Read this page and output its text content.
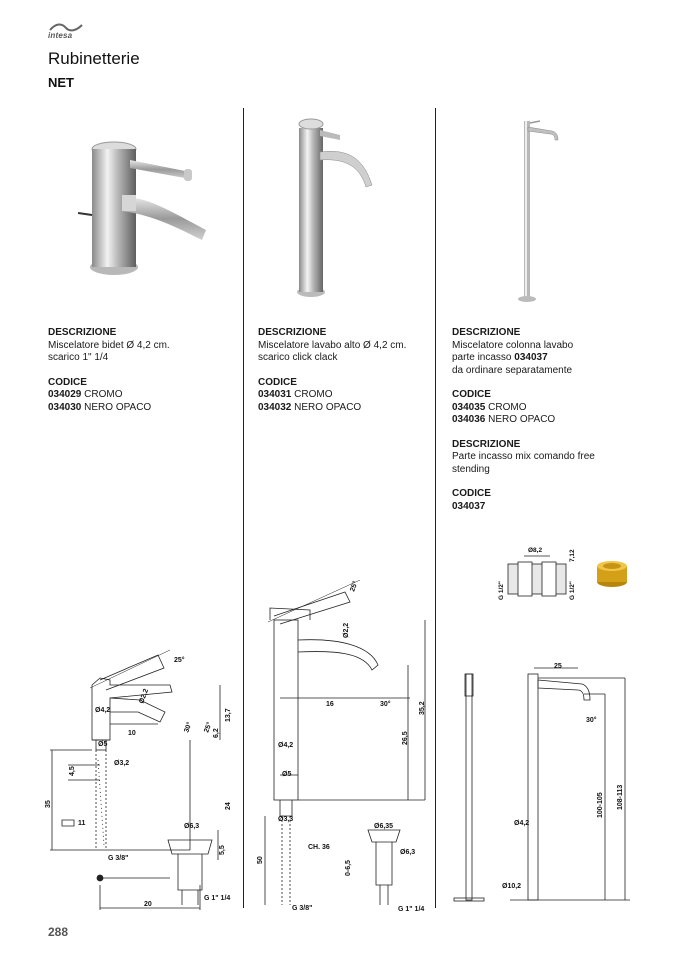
intesa
Rubinetterie
NET
DESCRIZIONE
Miscelatore bidet Ø 4,2 cm.
scarico 1" 1/4
CODICE
034029 CROMO
034030 NERO OPACO
DESCRIZIONE
Miscelatore lavabo alto Ø 4,2 cm.
scarico click clack
CODICE
034031 CROMO
034032 NERO OPACO
DESCRIZIONE
Miscelatore colonna lavabo
parte incasso 034037
da ordinare separatamente
CODICE
034035 CROMO
034036 NERO OPACO
DESCRIZIONE
Parte incasso mix comando free
stending
CODICE
034037
25°
Ø4,2
Ø2,2
13,7
10	30° 25° 6,2
Ø5
Ø3,2
4,5
35	24
11	Ø6,3
5,5
G 3/8"
G 1" 1/4
20
25°
Ø2,2
16	30°	35,2
26,5
Ø4,2
Ø5
Ø3,3
CH. 36
Ø6,35
Ø6,3
0-6,5
50
G 3/8"	G 1" 1/4
Ø8,2	7,12
G 1/2"	G 1/2"
25
30°
Ø4,2
100-105 108-113
Ø10,2
288
